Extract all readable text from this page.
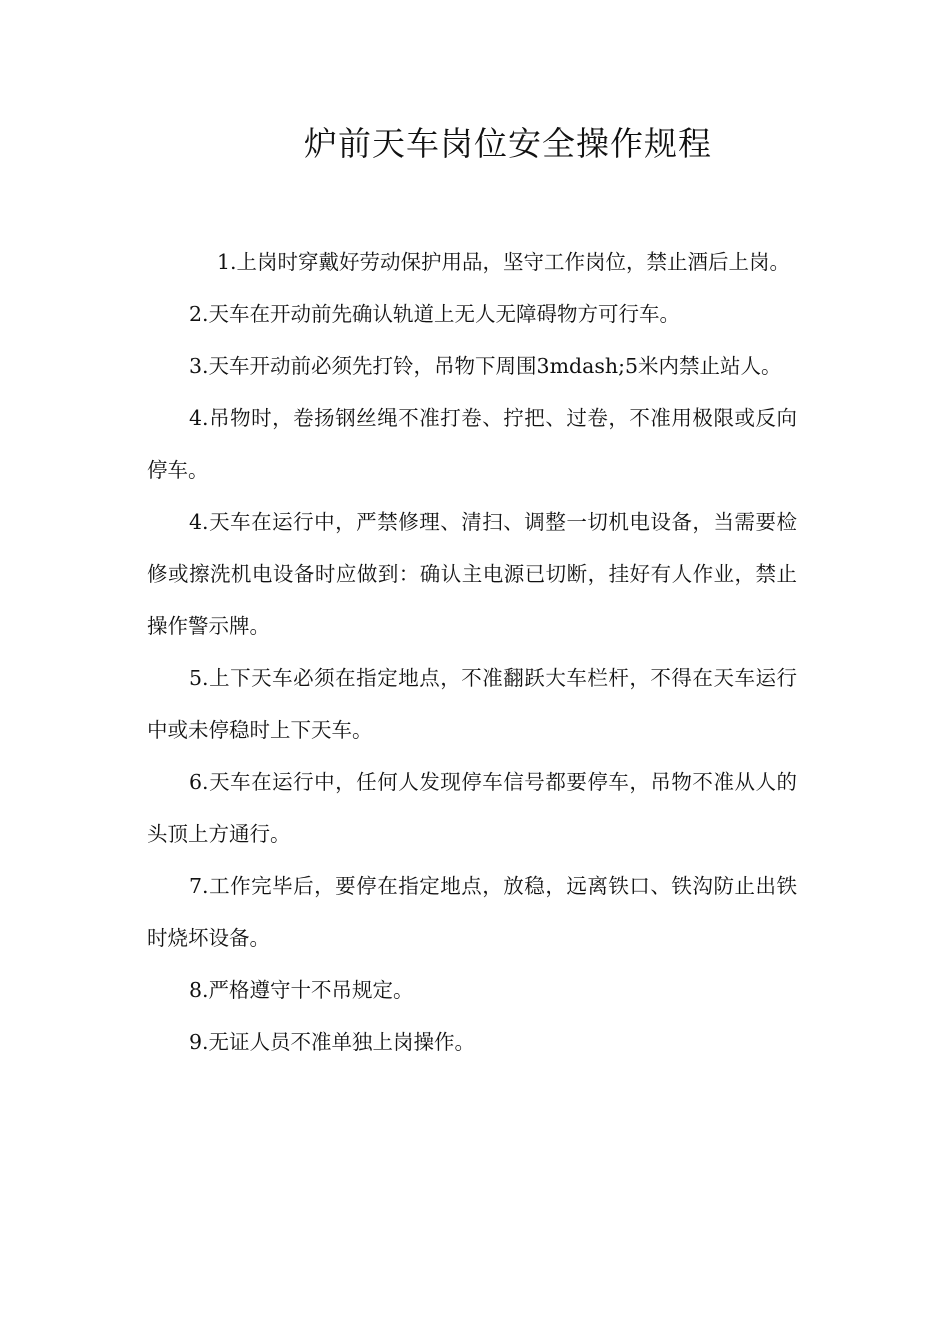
炉前天车岗位安全操作规程

1.上岗时穿戴好劳动保护用品，坚守工作岗位，禁止酒后上岗。

2.天车在开动前先确认轨道上无人无障碍物方可行车。

3.天车开动前必须先打铃，吊物下周围3mdash;5米内禁止站人。

4.吊物时，卷扬钢丝绳不准打卷、拧把、过卷，不准用极限或反向停车。

4.天车在运行中，严禁修理、清扫、调整一切机电设备，当需要检修或擦洗机电设备时应做到：确认主电源已切断，挂好有人作业，禁止操作警示牌。

5.上下天车必须在指定地点，不准翻跃大车栏杆，不得在天车运行中或未停稳时上下天车。

6.天车在运行中，任何人发现停车信号都要停车，吊物不准从人的头顶上方通行。

7.工作完毕后，要停在指定地点，放稳，远离铁口、铁沟防止出铁时烧坏设备。

8.严格遵守十不吊规定。

9.无证人员不准单独上岗操作。
